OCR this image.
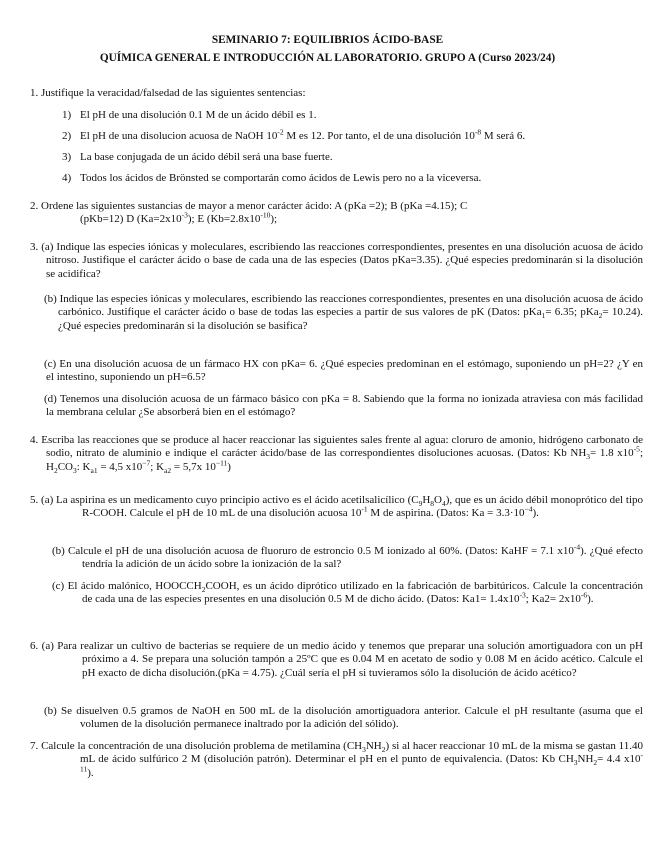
SEMINARIO 7: EQUILIBRIOS ÁCIDO-BASE
QUÍMICA GENERAL E INTRODUCCIÓN AL LABORATORIO. GRUPO A (Curso 2023/24)
1. Justifique la veracidad/falsedad de las siguientes sentencias:
1) El pH de una disolución 0.1 M de un ácido débil es 1.
2) El pH de una disolucion acuosa de NaOH $10^{-2}$ M es 12. Por tanto, el de una disolución $10^{-8}$ M será 6.
3) La base conjugada de un ácido débil será una base fuerte.
4) Todos los ácidos de Brönsted se comportarán como ácidos de Lewis pero no a la viceversa.
2. Ordene las siguientes sustancias de mayor a menor carácter ácido: A (pKa =2); B (pKa =4.15); C
(pKb=12) D $(Ka=2x10^{-3})$; E $(Kb=2.8x10^{-10})$;
3. (a) Indique las especies iónicas y moleculares, escribiendo las reacciones correspondientes, presentes en una disolución acuosa de ácido nitroso. Justifique el carácter ácido o base de cada una de las especies (Datos pKa=3.35). ¿Qué especies predominarán si la disolución se acidifica?
(b) Indique las especies iónicas y moleculares, escribiendo las reacciones correspondientes, presentes en una disolución acuosa de ácido carbónico. Justifique el carácter ácido o base de todas las especies a partir de sus valores de pK (Datos: pKa$_1$= 6.35; pKa$_2$= 10.24). ¿Qué especies predominarán si la disolución se basifica?
(c) En una disolución acuosa de un fármaco HX con pKa= 6. ¿Qué especies predominan en el estómago, suponiendo un pH=2? ¿Y en el intestino, suponiendo un pH=6.5?
(d) Tenemos una disolución acuosa de un fármaco básico con pKa = 8. Sabiendo que la forma no ionizada atraviesa con más facilidad la membrana celular ¿Se absorberá bien en el estómago?
4. Escriba las reacciones que se produce al hacer reaccionar las siguientes sales frente al agua: cloruro de amonio, hidrógeno carbonato de sodio, nitrato de aluminio e indique el carácter ácido/base de las correspondientes disoluciones acuosas. (Datos: Kb $NH_3= 1.8$ $x10^{-5}$; $H_2CO_3$: $K_{a1} = 4,5$ $x10^{-7}$; $K_{a2} = 5,7x$ $10^{-11}$)
5. (a) La aspirina es un medicamento cuyo principio activo es el ácido acetilsalicílico $(C_9H_8O_4)$, que es un ácido débil monoprótico del tipo R-COOH. Calcule el pH de 10 mL de una disolución acuosa $10^{-1}$ M de aspirina. (Datos: $Ka = 3.3\cdot 10^{-4}$).
(b) Calcule el pH de una disolución acuosa de fluoruro de estroncio 0.5 M ionizado al 60%. (Datos: KaHF = 7.1 $x10^{-4}$). ¿Qué efecto tendría la adición de un ácido sobre la ionización de la sal?
(c) El ácido malónico, $HOOCCH_2COOH$, es un ácido diprótico utilizado en la fabricación de barbitúricos. Calcule la concentración de cada una de las especies presentes en una disolución 0.5 M de dicho ácido. (Datos: $Ka1= 1.4x10^{-3}$; $Ka2= 2x10^{-6}$).
6. (a) Para realizar un cultivo de bacterias se requiere de un medio ácido y tenemos que preparar una solución amortiguadora con un pH próximo a 4. Se prepara una solución tampón a 25ºC que es 0.04 M en acetato de sodio y 0.08 M en ácido acético. Calcule el pH exacto de dicha disolución.(pKa = 4.75). ¿Cuál sería el pH si tuvieramos sólo la disolución de ácido acético?
(b) Se disuelven 0.5 gramos de NaOH en 500 mL de la disolución amortiguadora anterior. Calcule el pH resultante (asuma que el volumen de la disolución permanece inaltrado por la adición del sólido).
7. Calcule la concentración de una disolución problema de metilamina $(CH_3NH_2)$ si al hacer reaccionar 10 mL de la misma se gastan 11.40 mL de ácido sulfúrico 2 M (disolución patrón). Determinar el pH en el punto de equivalencia. (Datos: Kb $CH_3NH_2= 4.4$ $x10^{-11}$).
